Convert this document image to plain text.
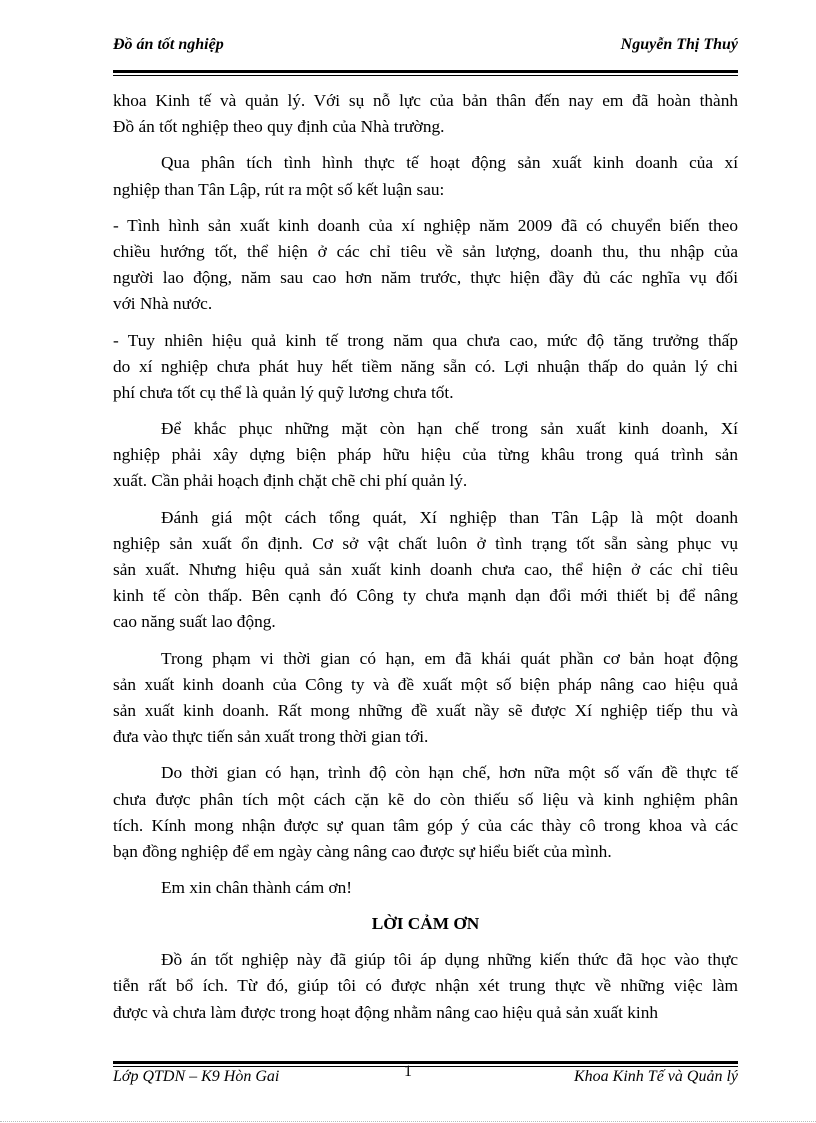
Đồ án tốt nghiệp	Nguyễn Thị Thuý
khoa Kinh tế và quản lý. Với sụ nỗ lực của bản thân đến nay em đã hoàn thành
Đồ án tốt nghiệp theo quy định của Nhà trường.
Qua phân tích tình hình thực tế hoạt động sản xuất kinh doanh của xí
nghiệp than Tân Lập, rút ra một số kết luận sau:
- Tình hình sản xuất kinh doanh của xí nghiệp năm 2009 đã có chuyển biến theo
chiều hướng tốt, thể hiện ở các chỉ tiêu về sản lượng, doanh thu, thu nhập của
người lao động, năm sau cao hơn năm trước, thực hiện đầy đủ các nghĩa vụ đối
với Nhà nước.
- Tuy nhiên hiệu quả kinh tế trong năm qua chưa cao, mức độ tăng trưởng thấp
do xí nghiệp chưa phát huy hết tiềm năng sẵn có. Lợi nhuận thấp do quản lý chi
phí chưa tốt cụ thể là quản lý quỹ lương chưa tốt.
Để khắc phục những mặt còn hạn chế trong sản xuất kinh doanh, Xí
nghiệp phải xây dựng biện pháp hữu hiệu của từng khâu trong quá trình sản
xuất. Cần phải hoạch định chặt chẽ chi phí quản lý.
Đánh giá một cách tổng quát, Xí nghiệp than Tân Lập là một doanh
nghiệp sản xuất ổn định. Cơ sở vật chất luôn ở tình trạng tốt sẵn sàng phục vụ
sản xuất. Nhưng hiệu quả sản xuất kinh doanh chưa cao, thể hiện ở các chỉ tiêu
kinh tế còn thấp. Bên cạnh đó Công ty chưa mạnh dạn đổi mới thiết bị để nâng
cao năng suất lao động.
Trong phạm vi thời gian có hạn, em đã khái quát phần cơ bản hoạt động
sản xuất kinh doanh của Công ty và đề xuất một số biện pháp nâng cao hiệu quả
sản xuất kinh doanh. Rất mong những đề xuất nầy sẽ được Xí nghiệp tiếp thu và
đưa vào thực tiến sản xuất trong thời gian tới.
Do thời gian có hạn, trình độ còn hạn chế, hơn nữa một số vấn đề thực tế
chưa được phân tích một cách cặn kẽ do còn thiếu số liệu và kinh nghiệm phân
tích. Kính mong nhận được sự quan tâm góp ý của các thày cô trong khoa và các
bạn đồng nghiệp để em ngày càng nâng cao được sự hiểu biết của mình.
Em xin chân thành cám ơn!
LỜI CẢM ƠN
Đồ án tốt nghiệp này đã giúp tôi áp dụng những kiến thức đã học vào thực
tiễn rất bổ ích. Từ đó, giúp tôi có được nhận xét trung thực về những việc làm
được và chưa làm được trong hoạt động nhằm nâng cao hiệu quả sản xuất kinh
1
Lớp QTDN – K9 Hòn Gai	Khoa Kinh Tế và Quản lý
